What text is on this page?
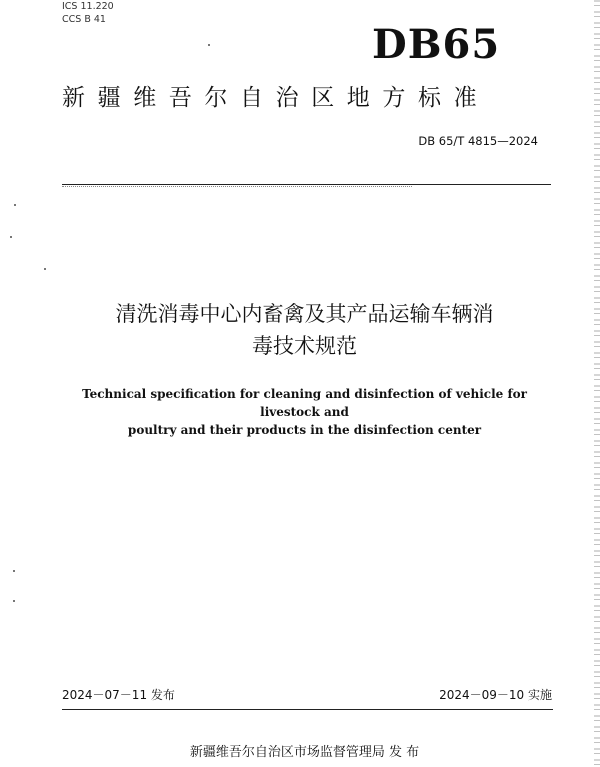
ICS 11.220
CCS B 41
DB65
新疆维吾尔自治区地方标准
DB 65/T 4815—2024
清洗消毒中心内畜禽及其产品运输车辆消
毒技术规范
Technical specification for cleaning and disinfection of vehicle for livestock and
poultry and their products in the disinfection center
2024－07－11 发布	2024－09－10 实施
新疆维吾尔自治区市场监督管理局 发 布
